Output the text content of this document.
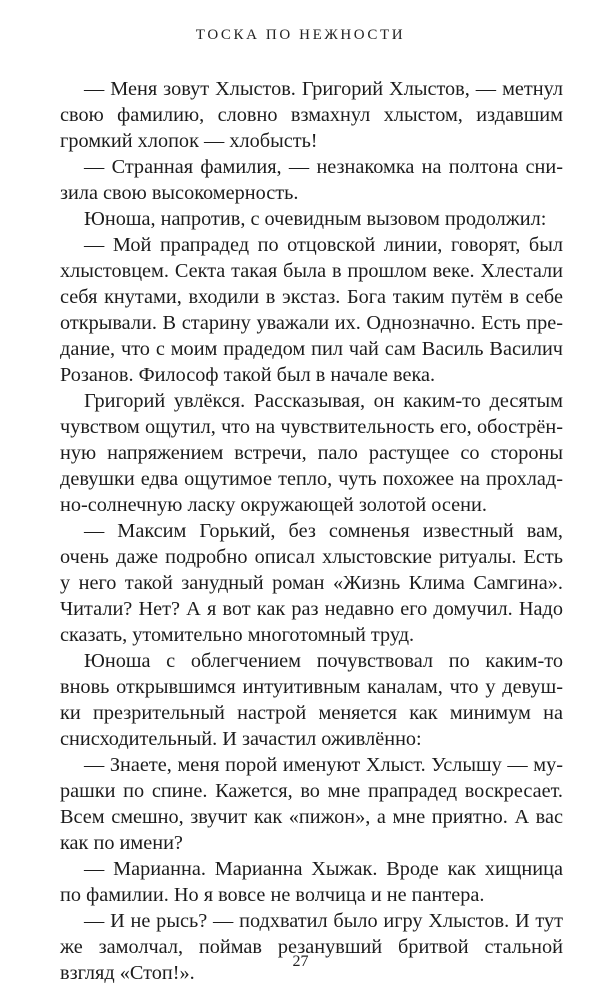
ТОСКА ПО НЕЖНОСТИ

— Меня зовут Хлыстов. Григорий Хлыстов, — метнул свою фамилию, словно взмахнул хлыстом, издавшим громкий хлопок — хлобысть!

— Странная фамилия, — незнакомка на полтона снизила свою высокомерность.

Юноша, напротив, с очевидным вызовом продолжил:

— Мой прапрадед по отцовской линии, говорят, был хлыстовцем. Секта такая была в прошлом веке. Хлестали себя кнутами, входили в экстаз. Бога таким путём в себе открывали. В старину уважали их. Однозначно. Есть предание, что с моим прадедом пил чай сам Василь Василич Розанов. Философ такой был в начале века.

Григорий увлёкся. Рассказывая, он каким-то десятым чувством ощутил, что на чувствительность его, обострённую напряжением встречи, пало растущее со стороны девушки едва ощутимое тепло, чуть похожее на прохладно-солнечную ласку окружающей золотой осени.

— Максим Горький, без сомненья известный вам, очень даже подробно описал хлыстовские ритуалы. Есть у него такой занудный роман «Жизнь Клима Самгина». Читали? Нет? А я вот как раз недавно его домучил. Надо сказать, утомительно многотомный труд.

Юноша с облегчением почувствовал по каким-то вновь открывшимся интуитивным каналам, что у девушки презрительный настрой меняется как минимум на снисходительный. И зачастил оживлённо:

— Знаете, меня порой именуют Хлыст. Услышу — мурашки по спине. Кажется, во мне прапрадед воскресает. Всем смешно, звучит как «пижон», а мне приятно. А вас как по имени?

— Марианна. Марианна Хыжак. Вроде как хищница по фамилии. Но я вовсе не волчица и не пантера.

— И не рысь? — подхватил было игру Хлыстов. И тут же замолчал, поймав резанувший бритвой стальной взгляд «Стоп!».

27
